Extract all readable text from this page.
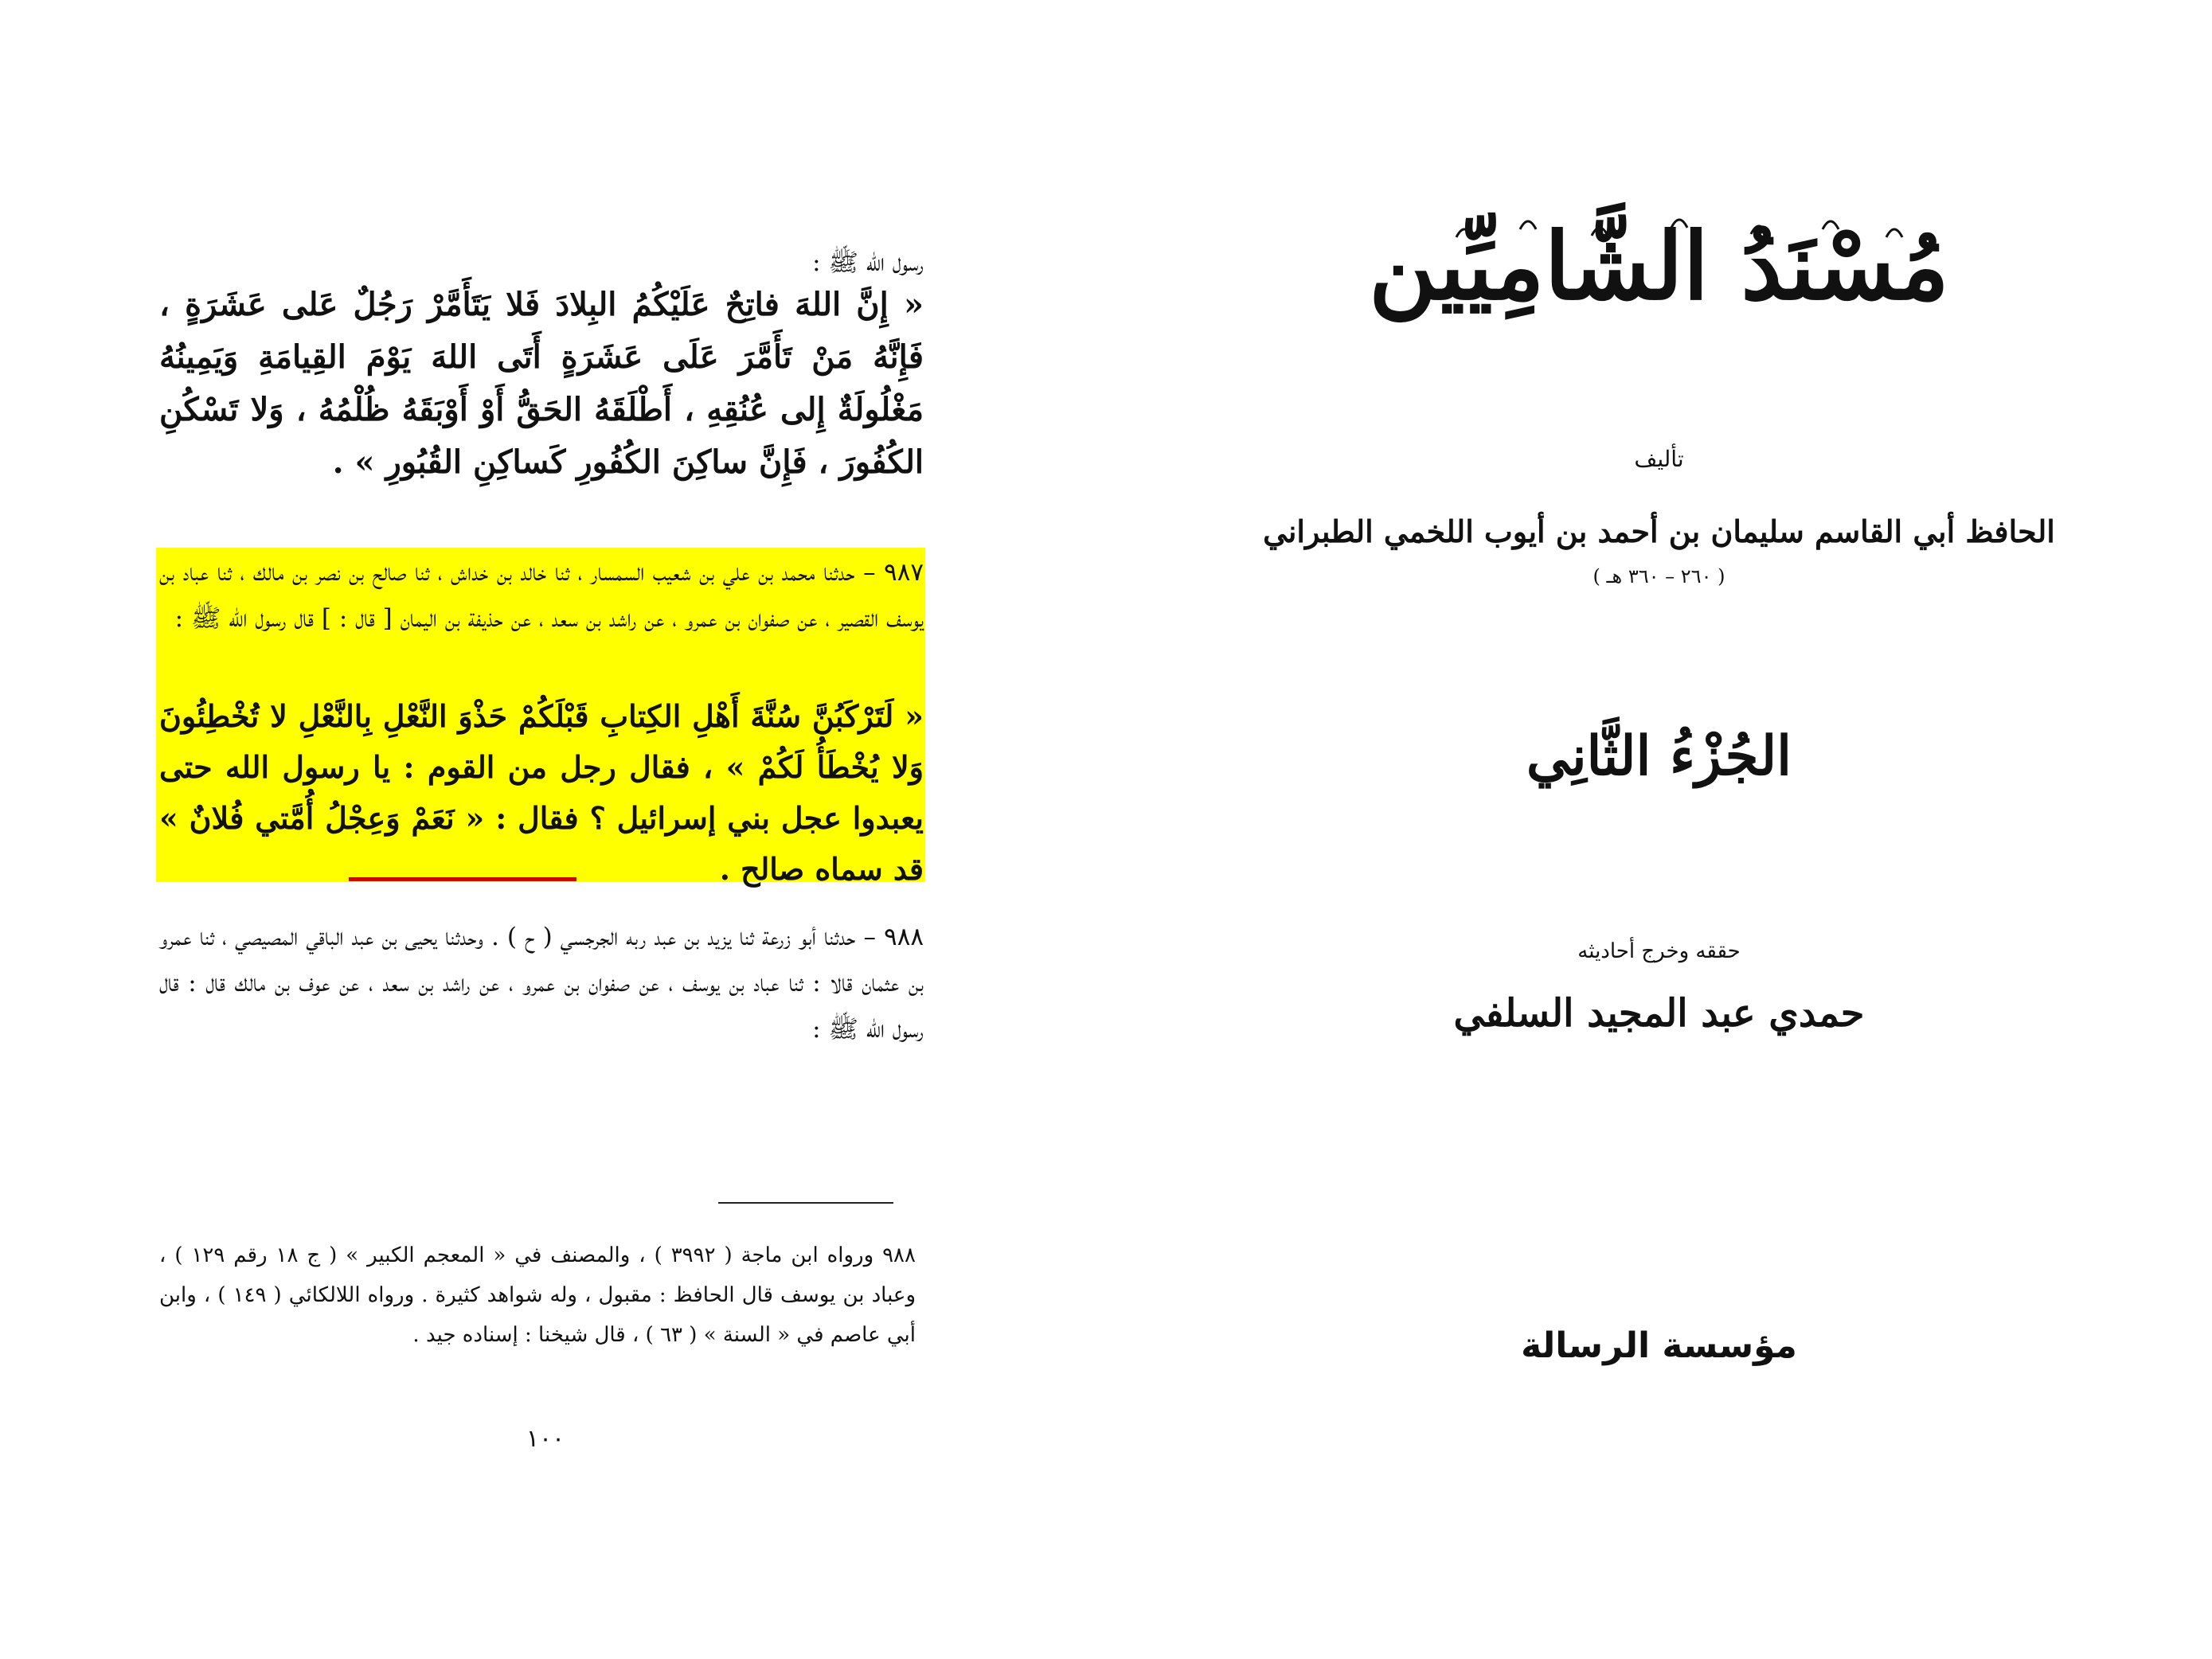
رسول الله ﷺ :
« إِنَّ اللهَ فاتِحٌ عَلَيْكُمُ البِلادَ فَلا يَتَأَمَّرْ رَجُلٌ عَلى عَشَرَةٍ ، فَإِنَّهُ مَنْ تَأَمَّرَ عَلَى عَشَرَةٍ أَتَى اللهَ يَوْمَ القِيامَةِ وَيَمِينُهُ مَغْلُولَةٌ إِلى عُنُقِهِ ، أَطْلَقَهُ الحَقُّ أَوْ أَوْبَقَهُ ظُلْمُهُ ، وَلا تَسْكُنِ الكُفُورَ ، فَإِنَّ ساكِنَ الكُفُورِ كَساكِنِ القُبُورِ » .
٩٨٧ – حدثنا محمد بن علي بن شعيب السمسار ، ثنا خالد بن خداش ، ثنا صالح بن نصر بن مالك ، ثنا عباد بن يوسف القصير ، عن صفوان بن عمرو ، عن راشد بن سعد ، عن حذيفة بن اليمان [ قال : ] قال رسول الله ﷺ :
« لَتَرْكَبُنَّ سُنَّةَ أَهْلِ الكِتابِ قَبْلَكُمْ حَذْوَ النَّعْلِ بِالنَّعْلِ لا تُخْطِئُونَ وَلا يُخْطَأُ لَكُمْ » ، فقال رجل من القوم : يا رسول الله حتى يعبدوا عجل بني إسرائيل ؟ فقال : « نَعَمْ وَعِجْلُ أُمَّتي فُلانٌ » قد سماه صالح .
٩٨٨ – حدثنا أبو زرعة ثنا يزيد بن عبد ربه الجرجسي ( ح ) . وحدثنا يحيى بن عبد الباقي المصيصي ، ثنا عمرو بن عثمان قالا : ثنا عباد بن يوسف ، عن صفوان بن عمرو ، عن راشد بن سعد ، عن عوف بن مالك قال : قال رسول الله ﷺ :
٩٨٨ ورواه ابن ماجة ( ٣٩٩٢ ) ، والمصنف في « المعجم الكبير » ( ج ١٨ رقم ١٢٩ ) ، وعباد بن يوسف قال الحافظ : مقبول ، وله شواهد كثيرة . ورواه اللالكائي ( ١٤٩ ) ، وابن أبي عاصم في « السنة » ( ٦٣ ) ، قال شيخنا : إسناده جيد .
١٠٠
مُسْنَدُ الشَّامِيِّين
تأليف
الحافظ أبي القاسم سليمان بن أحمد بن أيوب اللخمي الطبراني
( ٢٦٠ – ٣٦٠ هـ )
الجُزْءُ الثَّانِي
حققه وخرج أحاديثه
حمدي عبد المجيد السلفي
مؤسسة الرسالة
